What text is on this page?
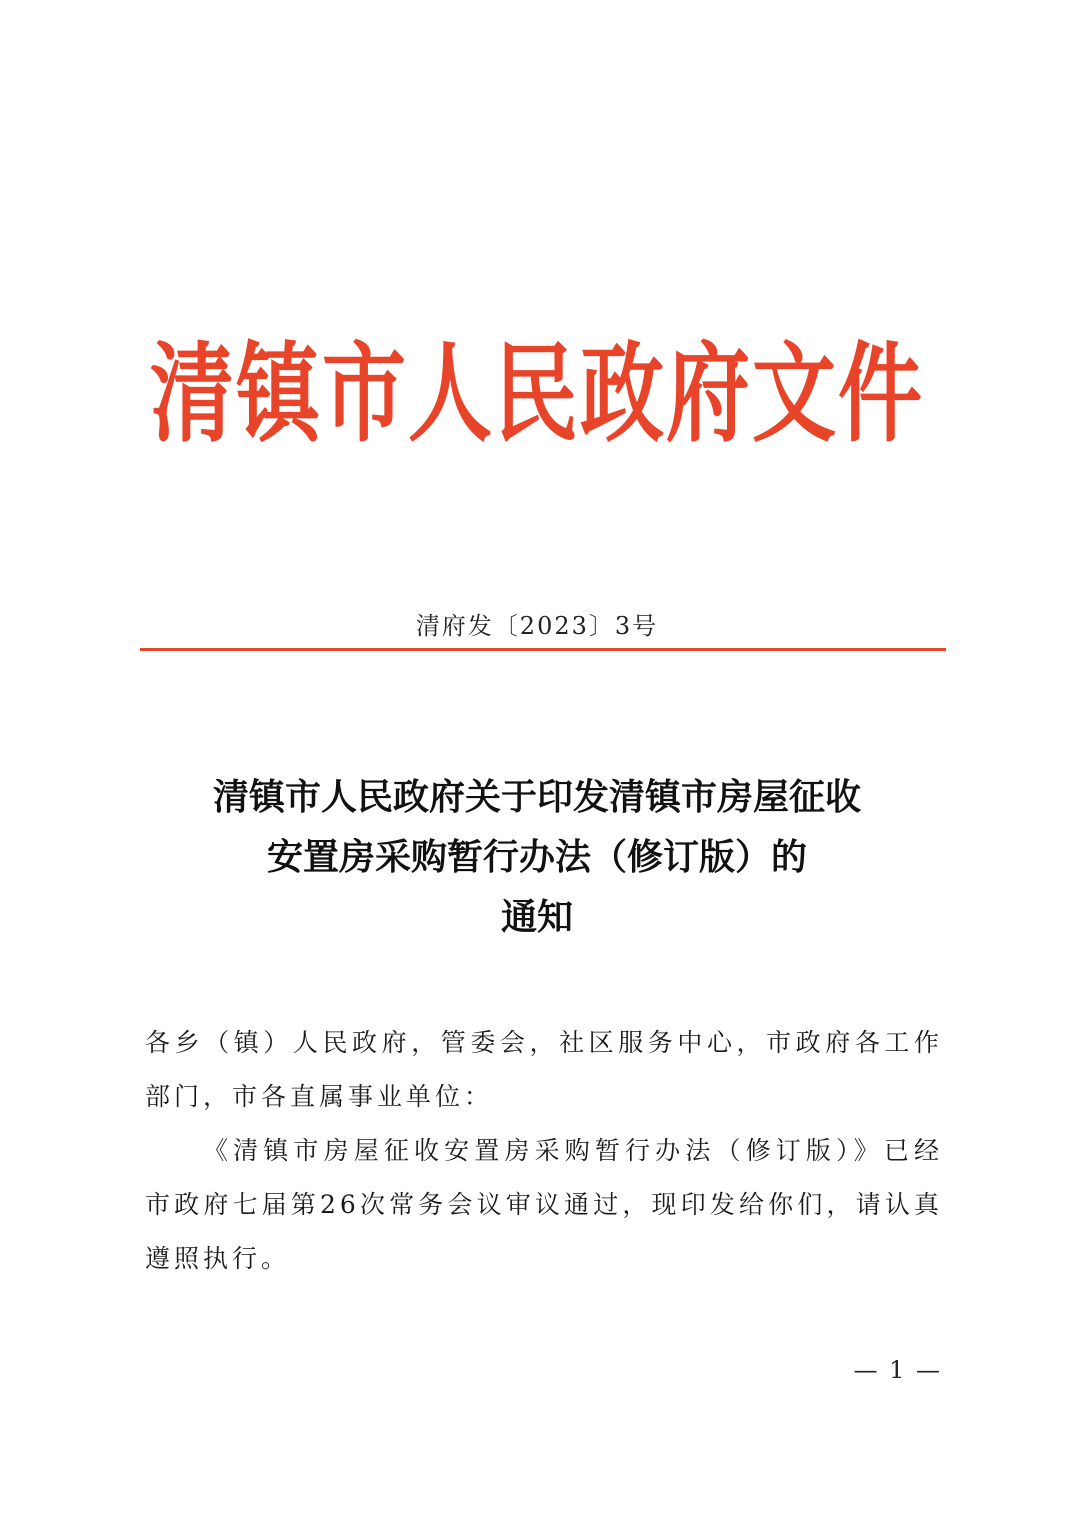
清镇市人民政府文件
清府发〔2023〕3号
清镇市人民政府关于印发清镇市房屋征收
安置房采购暂行办法（修订版）的
通知

各乡（镇）人民政府，管委会，社区服务中心，市政府各工作部门，市各直属事业单位：

《清镇市房屋征收安置房采购暂行办法（修订版）》已经市政府七届第26次常务会议审议通过，现印发给你们，请认真遵照执行。

— 1 —
